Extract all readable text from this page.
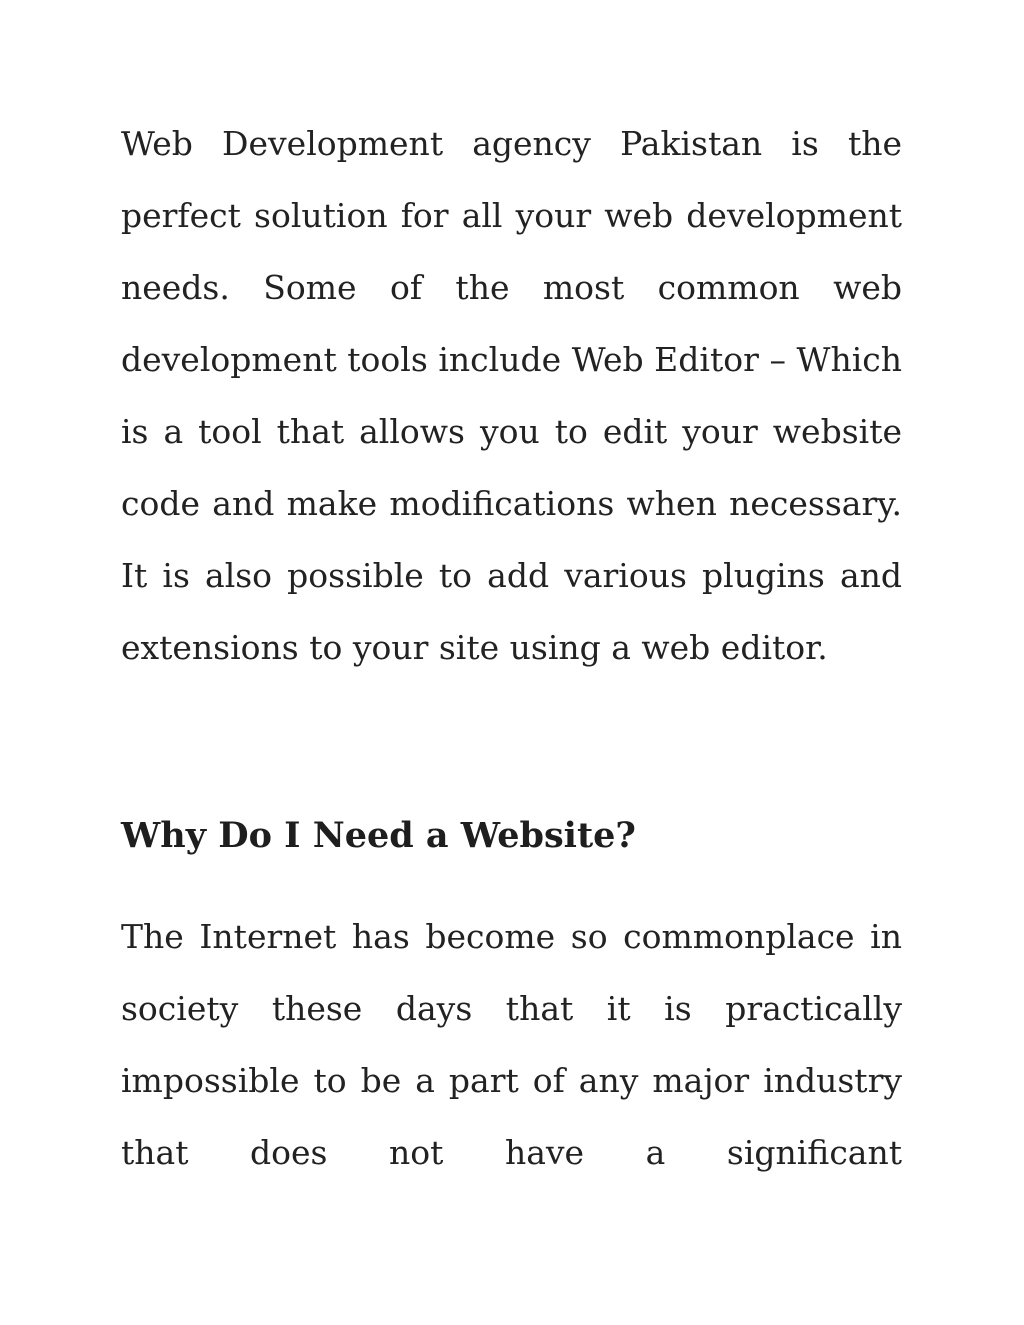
Web Development agency Pakistan is the perfect solution for all your web development needs. Some of the most common web development tools include Web Editor – Which is a tool that allows you to edit your website code and make modifications when necessary. It is also possible to add various plugins and extensions to your site using a web editor.

Why Do I Need a Website?

The Internet has become so commonplace in society these days that it is practically impossible to be a part of any major industry that does not have a significant
